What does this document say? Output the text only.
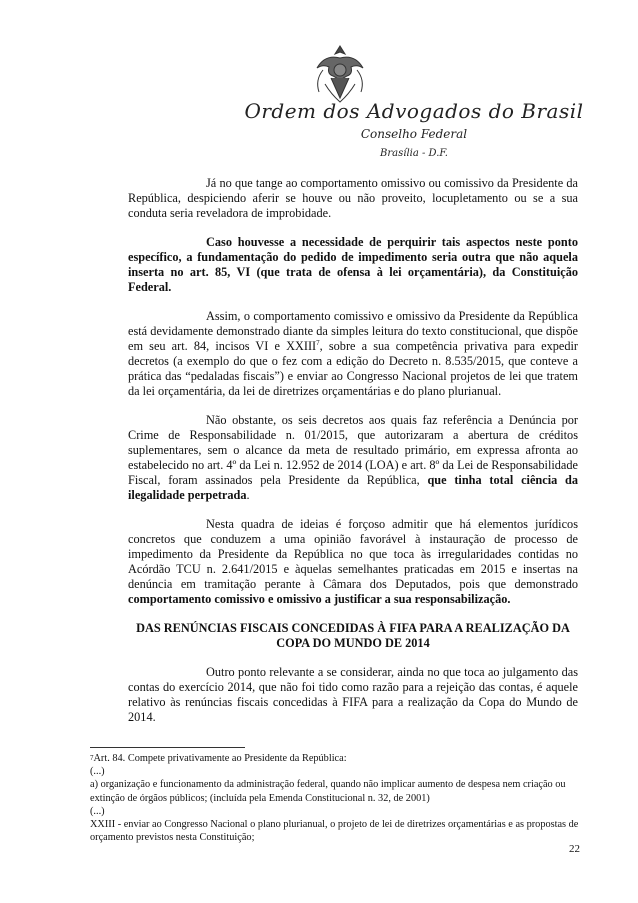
Ordem dos Advogados do Brasil
Conselho Federal
Brasília - D.F.

Já no que tange ao comportamento omissivo ou comissivo da Presidente da República, despiciendo aferir se houve ou não proveito, locupletamento ou se a sua conduta seria reveladora de improbidade.

Caso houvesse a necessidade de perquirir tais aspectos neste ponto específico, a fundamentação do pedido de impedimento seria outra que não aquela inserta no art. 85, VI (que trata de ofensa à lei orçamentária), da Constituição Federal.

Assim, o comportamento comissivo e omissivo da Presidente da República está devidamente demonstrado diante da simples leitura do texto constitucional, que dispõe em seu art. 84, incisos VI e XXIII$^7$, sobre a sua competência privativa para expedir decretos (a exemplo do que o fez com a edição do Decreto n. 8.535/2015, que conteve a prática das “pedaladas fiscais”) e enviar ao Congresso Nacional projetos de lei que tratem da lei orçamentária, da lei de diretrizes orçamentárias e do plano plurianual.

Não obstante, os seis decretos aos quais faz referência a Denúncia por Crime de Responsabilidade n. 01/2015, que autorizaram a abertura de créditos suplementares, sem o alcance da meta de resultado primário, em expressa afronta ao estabelecido no art. 4º da Lei n. 12.952 de 2014 (LOA) e art. 8º da Lei de Responsabilidade Fiscal, foram assinados pela Presidente da República, que tinha total ciência da ilegalidade perpetrada.

Nesta quadra de ideias é forçoso admitir que há elementos jurídicos concretos que conduzem a uma opinião favorável à instauração de processo de impedimento da Presidente da República no que toca às irregularidades contidas no Acórdão TCU n. 2.641/2015 e àquelas semelhantes praticadas em 2015 e insertas na denúncia em tramitação perante à Câmara dos Deputados, pois que demonstrado comportamento comissivo e omissivo a justificar a sua responsabilização.

DAS RENÚNCIAS FISCAIS CONCEDIDAS À FIFA PARA A REALIZAÇÃO DA COPA DO MUNDO DE 2014

Outro ponto relevante a se considerar, ainda no que toca ao julgamento das contas do exercício 2014, que não foi tido como razão para a rejeição das contas, é aquele relativo às renúncias fiscais concedidas à FIFA para a realização da Copa do Mundo de 2014.

$^7$Art. 84. Compete privativamente ao Presidente da República:
(...)
a) organização e funcionamento da administração federal, quando não implicar aumento de despesa nem criação ou extinção de órgãos públicos; (incluída pela Emenda Constitucional n. 32, de 2001)
(...)
XXIII - enviar ao Congresso Nacional o plano plurianual, o projeto de lei de diretrizes orçamentárias e as propostas de orçamento previstos nesta Constituição;
22
